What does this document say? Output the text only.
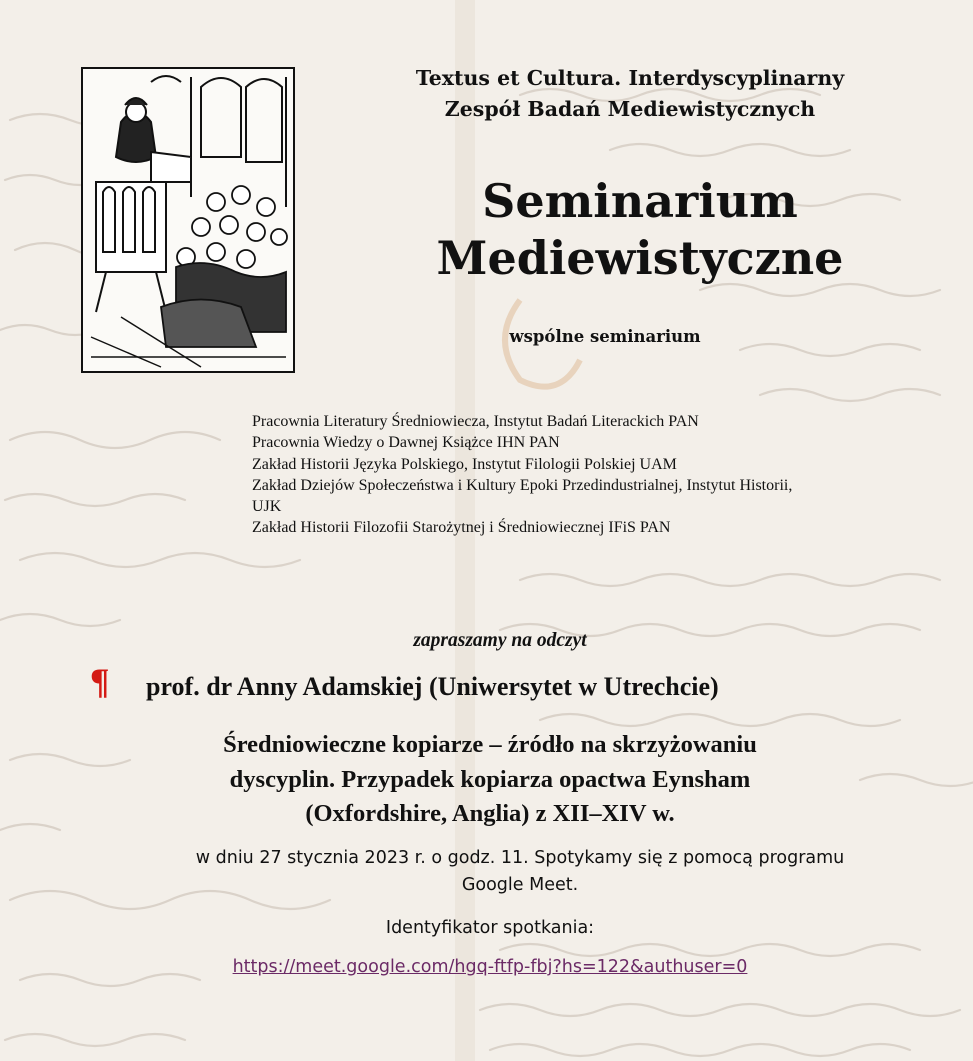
Textus et Cultura. Interdyscyplinarny
Zespół Badań Mediewistycznych
Seminarium
Mediewistyczne
wspólne seminarium
Pracownia Literatury Średniowiecza, Instytut Badań Literackich PAN
Pracownia Wiedzy o Dawnej Książce IHN PAN
Zakład Historii Języka Polskiego, Instytut Filologii Polskiej UAM
Zakład Dziejów Społeczeństwa i Kultury Epoki Przedindustrialnej, Instytut Historii,
UJK
Zakład Historii Filozofii Starożytnej i Średniowiecznej IFiS PAN
zapraszamy na odczyt
¶ prof. dr Anny Adamskiej (Uniwersytet w Utrechcie)
Średniowieczne kopiarze – źródło na skrzyżowaniu
dyscyplin. Przypadek kopiarza opactwa Eynsham
(Oxfordshire, Anglia) z XII–XIV w.
w dniu 27 stycznia 2023 r. o godz. 11. Spotykamy się z pomocą programu
Google Meet.
Identyfikator spotkania:
https://meet.google.com/hgq-ftfp-fbj?hs=122&authuser=0
